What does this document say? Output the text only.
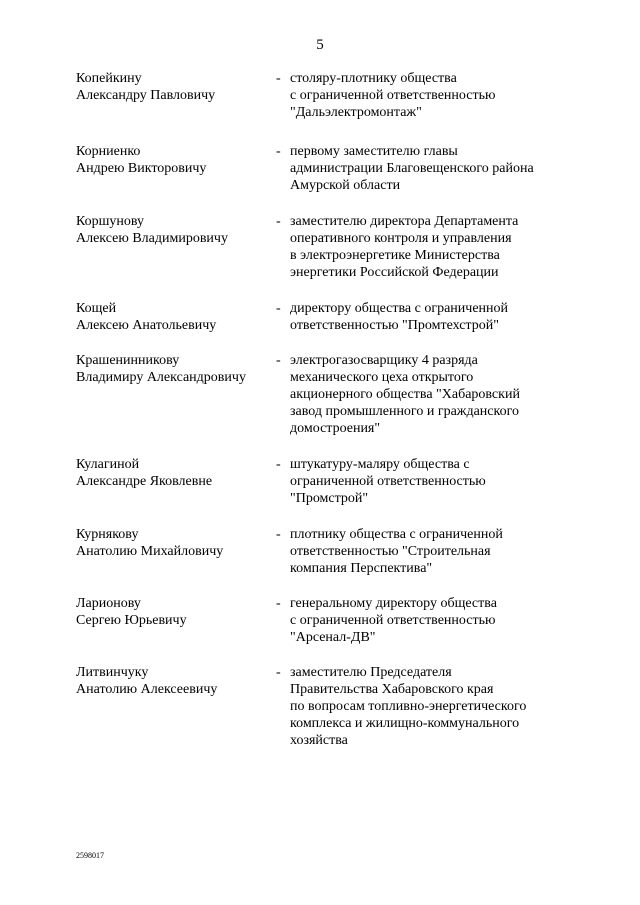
5
Копейкину
Александру Павловичу
- столяру-плотнику общества
с ограниченной ответственностью
"Дальэлектромонтаж"
Корниенко
Андрею Викторовичу
- первому заместителю главы
администрации Благовещенского района
Амурской области
Коршунову
Алексею Владимировичу
- заместителю директора Департамента
оперативного контроля и управления
в электроэнергетике Министерства
энергетики Российской Федерации
Кощей
Алексею Анатольевичу
- директору общества с ограниченной
ответственностью "Промтехстрой"
Крашенинникову
Владимиру Александровичу
- электрогазосварщику 4 разряда
механического цеха открытого
акционерного общества "Хабаровский
завод промышленного и гражданского
домостроения"
Кулагиной
Александре Яковлевне
- штукатуру-маляру общества с
ограниченной ответственностью
"Промстрой"
Курнякову
Анатолию Михайловичу
- плотнику общества с ограниченной
ответственностью "Строительная
компания Перспектива"
Ларионову
Сергею Юрьевичу
- генеральному директору общества
с ограниченной ответственностью
"Арсенал-ДВ"
Литвинчуку
Анатолию Алексеевичу
- заместителю Председателя
Правительства Хабаровского края
по вопросам топливно-энергетического
комплекса и жилищно-коммунального
хозяйства
2598017
